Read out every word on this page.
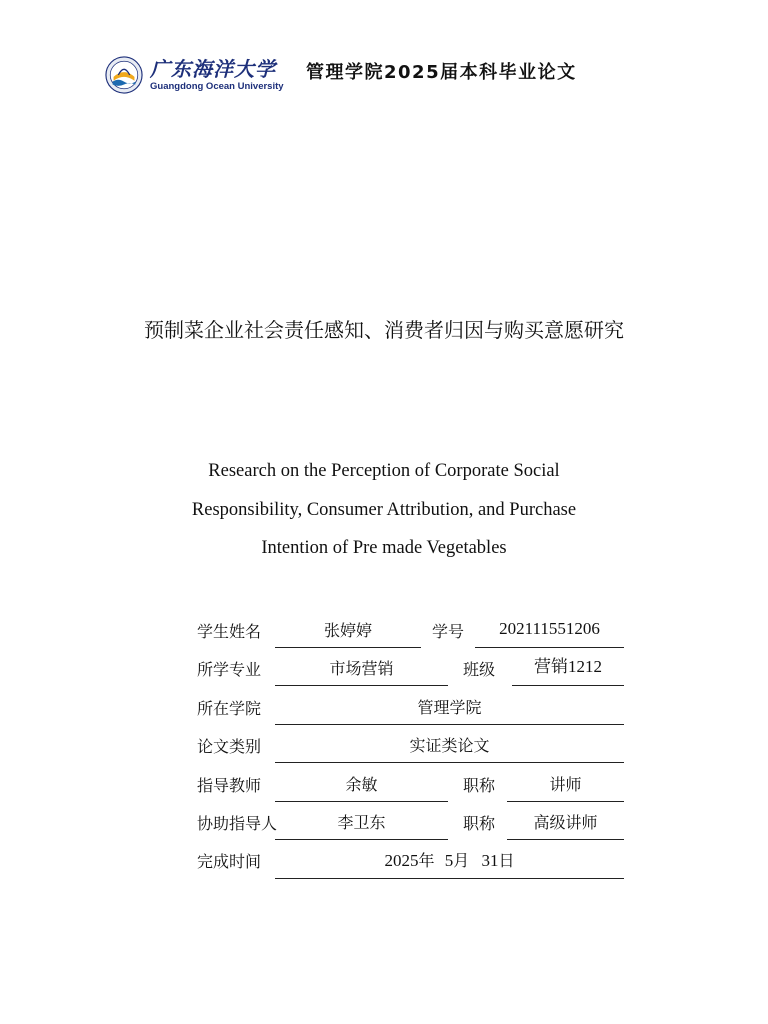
广东海洋大学
Guangdong Ocean University
管理学院2025届本科毕业论文
预制菜企业社会责任感知、消费者归因与购买意愿研究
Research on the Perception of Corporate Social
Responsibility, Consumer Attribution, and Purchase
Intention of Pre made Vegetables
学生姓名	张婷婷	学号	202111551206
所学专业	市场营销	班级	营销1212
所在学院	管理学院
论文类别	实证类论文
指导教师	余敏	职称	讲师
协助指导人	李卫东	职称	高级讲师
完成时间	2025年 5月 31日
